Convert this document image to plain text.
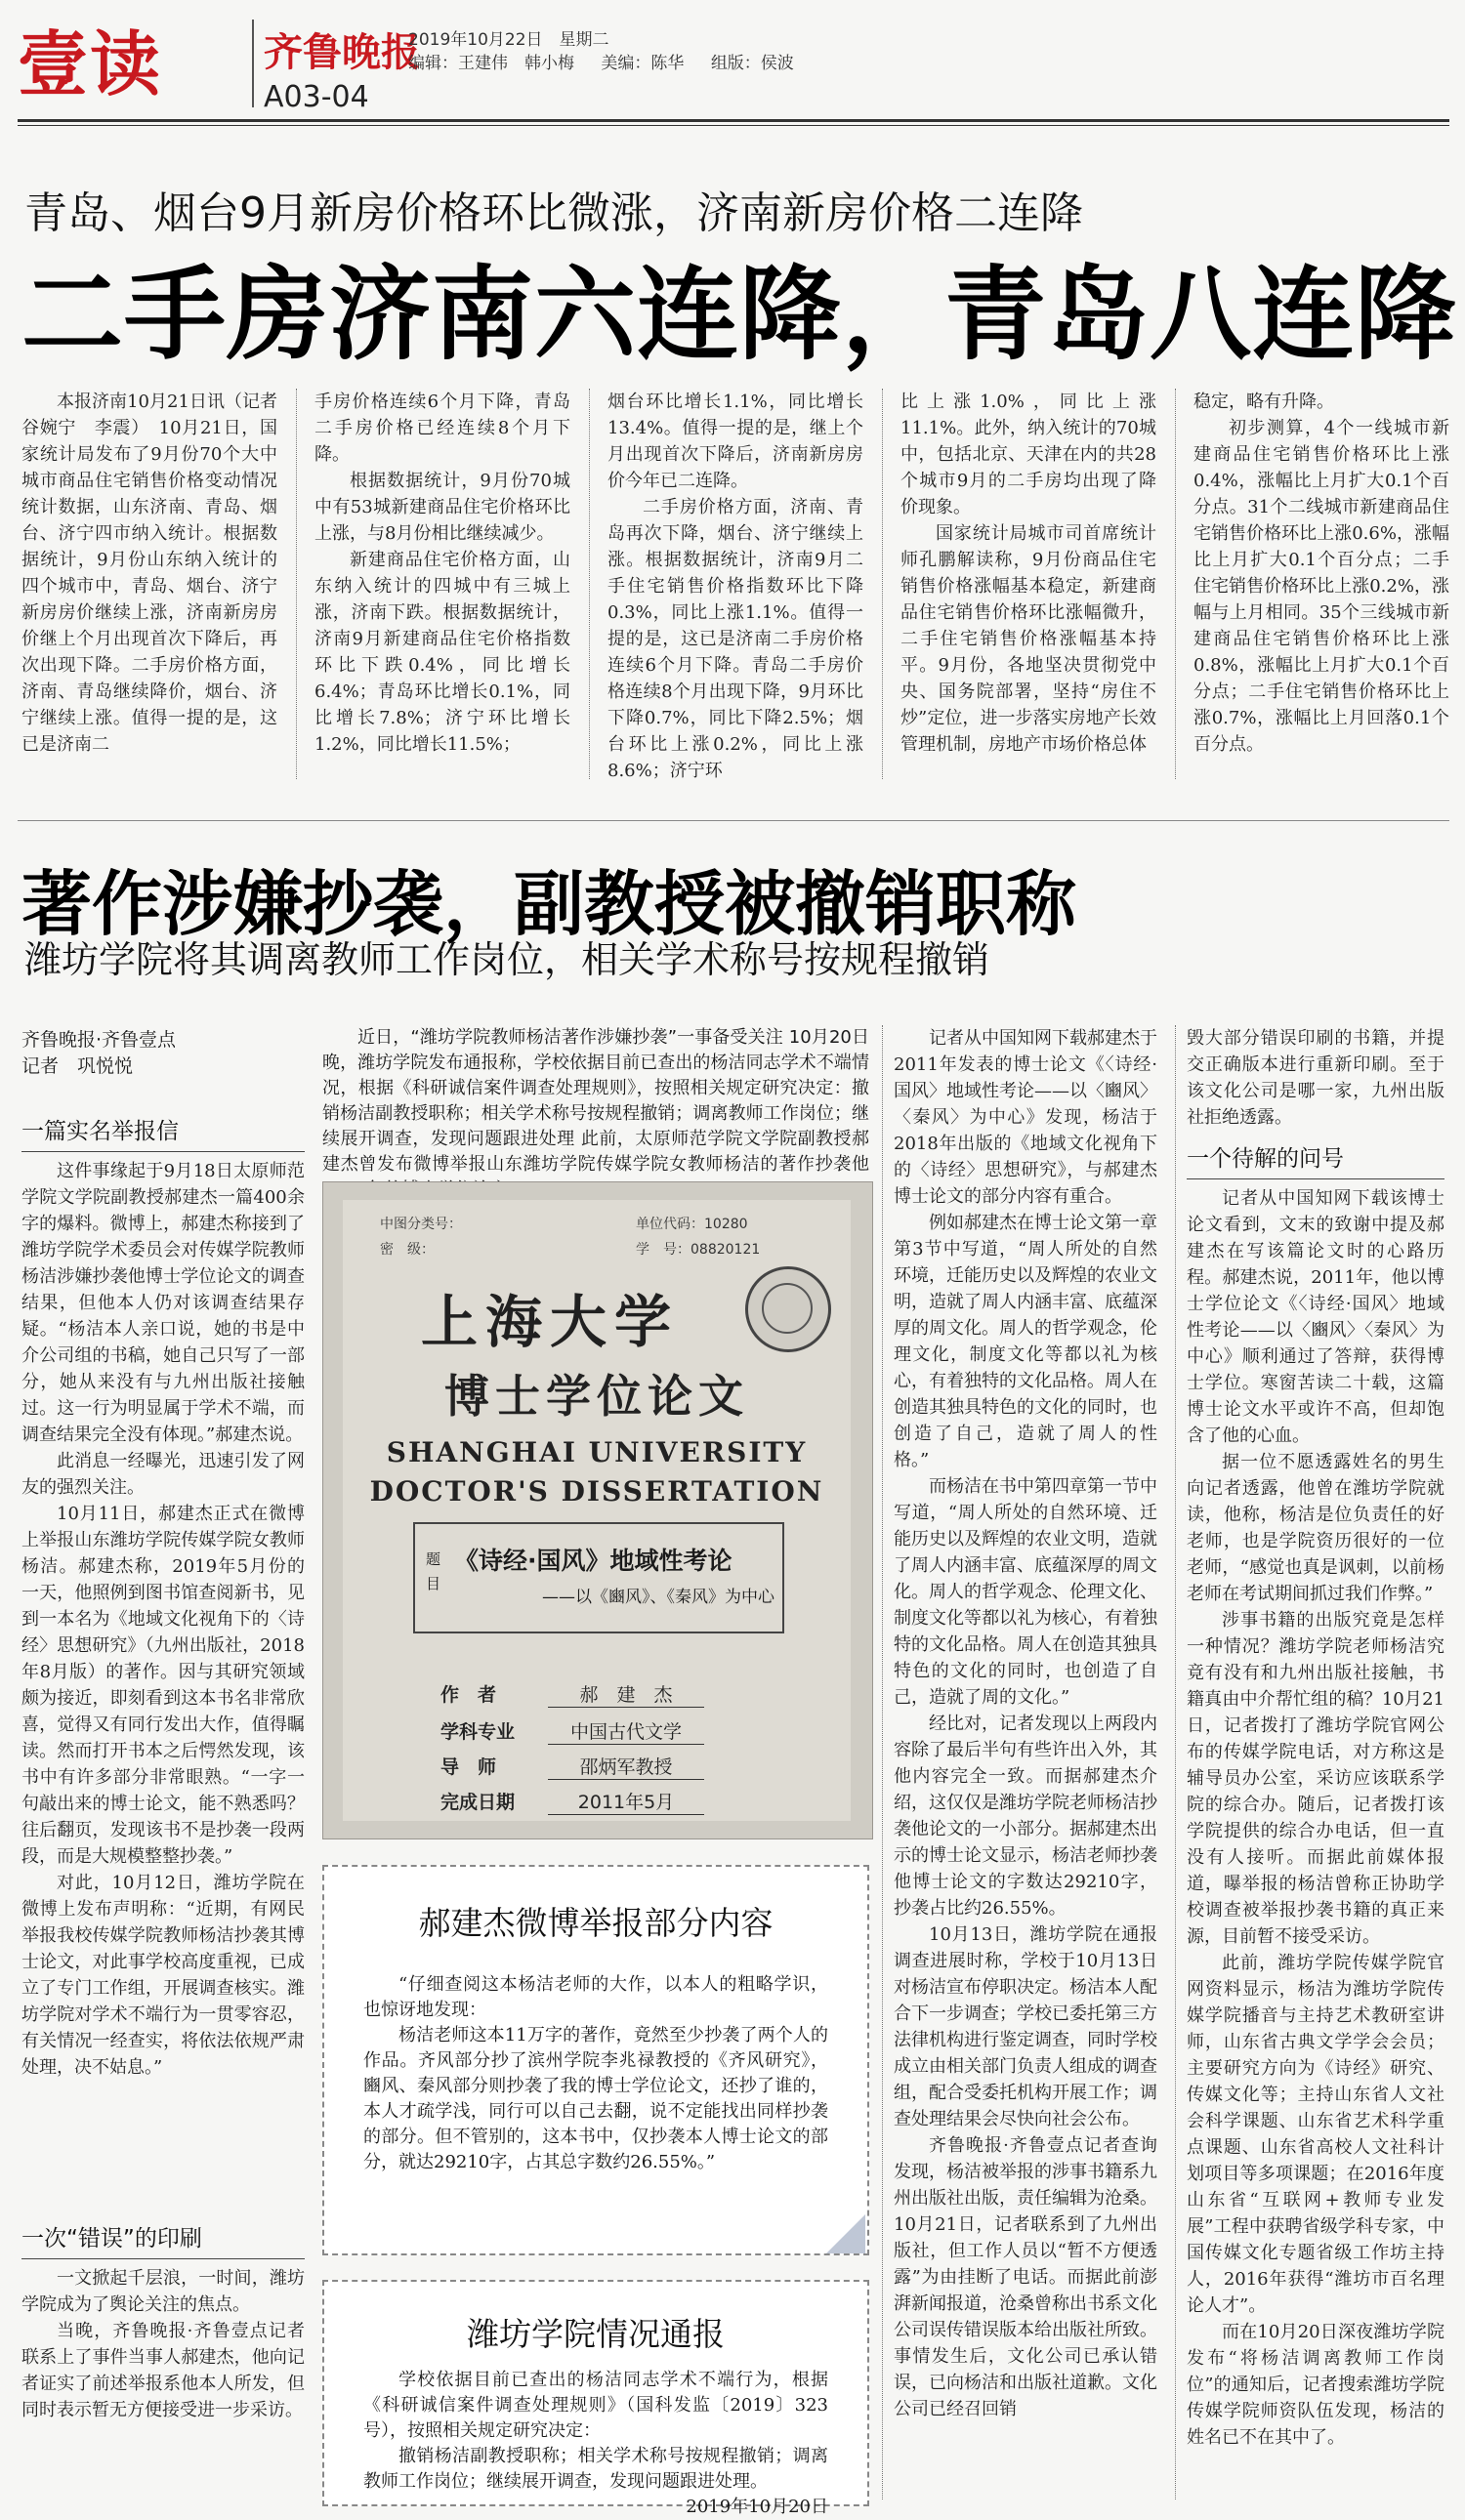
壹读	齐鲁晚报
A03-04
2019年10月22日　星期二
编辑：王建伟　韩小梅 美编：陈华 组版：侯波
青岛、烟台9月新房价格环比微涨，济南新房价格二连降
二手房济南六连降，青岛八连降

本报济南10月21日讯（记者　谷婉宁　李震）　10月21日，国家统计局发布了9月份70个大中城市商品住宅销售价格变动情况统计数据，山东济南、青岛、烟台、济宁四市纳入统计。根据数据统计，9月份山东纳入统计的四个城市中，青岛、烟台、济宁新房房价继续上涨，济南新房房价继上个月出现首次下降后，再次出现下降。二手房价格方面，济南、青岛继续降价，烟台、济宁继续上涨。值得一提的是，这已是济南二

手房价格连续6个月下降，青岛二手房价格已经连续8个月下降。

根据数据统计，9月份70城中有53城新建商品住宅价格环比上涨，与8月份相比继续减少。

新建商品住宅价格方面，山东纳入统计的四城中有三城上涨，济南下跌。根据数据统计，济南9月新建商品住宅价格指数环比下跌0.4%，同比增长6.4%；青岛环比增长0.1%，同比增长7.8%；济宁环比增长1.2%，同比增长11.5%；

烟台环比增长1.1%，同比增长13.4%。值得一提的是，继上个月出现首次下降后，济南新房房价今年已二连降。

二手房价格方面，济南、青岛再次下降，烟台、济宁继续上涨。根据数据统计，济南9月二手住宅销售价格指数环比下降0.3%，同比上涨1.1%。值得一提的是，这已是济南二手房价格连续6个月下降。青岛二手房价格连续8个月出现下降，9月环比下降0.7%，同比下降2.5%；烟台环比上涨0.2%，同比上涨8.6%；济宁环

比上涨1.0%，同比上涨11.1%。此外，纳入统计的70城中，包括北京、天津在内的共28个城市9月的二手房均出现了降价现象。

国家统计局城市司首席统计师孔鹏解读称，9月份商品住宅销售价格涨幅基本稳定，新建商品住宅销售价格环比涨幅微升，二手住宅销售价格涨幅基本持平。9月份，各地坚决贯彻党中央、国务院部署，坚持“房住不炒”定位，进一步落实房地产长效管理机制，房地产市场价格总体

稳定，略有升降。

初步测算，4个一线城市新建商品住宅销售价格环比上涨0.4%，涨幅比上月扩大0.1个百分点。31个二线城市新建商品住宅销售价格环比上涨0.6%，涨幅比上月扩大0.1个百分点；二手住宅销售价格环比上涨0.2%，涨幅与上月相同。35个三线城市新建商品住宅销售价格环比上涨0.8%，涨幅比上月扩大0.1个百分点；二手住宅销售价格环比上涨0.7%，涨幅比上月回落0.1个百分点。

著作涉嫌抄袭，副教授被撤销职称
潍坊学院将其调离教师工作岗位，相关学术称号按规程撤销
齐鲁晚报·齐鲁壹点
记者　巩悦悦
一篇实名举报信

这件事缘起于9月18日太原师范学院文学院副教授郝建杰一篇400余字的爆料。微博上，郝建杰称接到了潍坊学院学术委员会对传媒学院教师杨洁涉嫌抄袭他博士学位论文的调查结果，但他本人仍对该调查结果存疑。“杨洁本人亲口说，她的书是中介公司组的书稿，她自己只写了一部分，她从来没有与九州出版社接触过。这一行为明显属于学术不端，而调查结果完全没有体现。”郝建杰说。

此消息一经曝光，迅速引发了网友的强烈关注。

10月11日，郝建杰正式在微博上举报山东潍坊学院传媒学院女教师杨洁。郝建杰称，2019年5月份的一天，他照例到图书馆查阅新书，见到一本名为《地域文化视角下的〈诗经〉思想研究》（九州出版社，2018年8月版）的著作。因与其研究领域颇为接近，即刻看到这本书名非常欣喜，觉得又有同行发出大作，值得瞩读。然而打开书本之后愕然发现，该书中有许多部分非常眼熟。“一字一句敲出来的博士论文，能不熟悉吗？往后翻页，发现该书不是抄袭一段两段，而是大规模整整抄袭。”

对此，10月12日，潍坊学院在微博上发布声明称：“近期，有网民举报我校传媒学院教师杨洁抄袭其博士论文，对此事学校高度重视，已成立了专门工作组，开展调查核实。潍坊学院对学术不端行为一贯零容忍，有关情况一经查实，将依法依规严肃处理，决不姑息。”

一次“错误”的印刷

一文掀起千层浪，一时间，潍坊学院成为了舆论关注的焦点。

当晚，齐鲁晚报·齐鲁壹点记者联系上了事件当事人郝建杰，他向记者证实了前述举报系他本人所发，但同时表示暂无方便接受进一步采访。

近日，“潍坊学院教师杨洁著作涉嫌抄袭”一事备受关注 10月20日晚，潍坊学院发布通报称，学校依据目前已查出的杨洁同志学术不端情况，根据《科研诚信案件调查处理规则》，按照相关规定研究决定：撤销杨洁副教授职称；相关学术称号按规程撤销；调离教师工作岗位；继续展开调查，发现问题跟进处理 此前，太原师范学院文学院副教授郝建杰曾发布微博举报山东潍坊学院传媒学院女教师杨洁的著作抄袭他

中图分类号：
密　级：
单位代码：10280
学　号：08820121
上海大学
博士学位论文
SHANGHAI UNIVERSITY
DOCTOR'S DISSERTATION
题目 《诗经·国风》地域性考论
——以《豳风》、《秦风》为中心
作　者	郝　建　杰
学科专业	中国古代文学
导　师	邵炳军教授
完成日期	2011年5月
郝建杰微博举报部分内容

“仔细查阅这本杨洁老师的大作，以本人的粗略学识，也惊讶地发现：

杨洁老师这本11万字的著作，竟然至少抄袭了两个人的作品。齐风部分抄了滨州学院李兆禄教授的《齐风研究》，豳风、秦风部分则抄袭了我的博士学位论文，还抄了谁的，本人才疏学浅，同行可以自己去翻，说不定能找出同样抄袭的部分。但不管别的，这本书中，仅抄袭本人博士论文的部分，就达29210字，占其总字数约26.55%。”

潍坊学院情况通报

学校依据目前已查出的杨洁同志学术不端行为，根据《科研诚信案件调查处理规则》（国科发监〔2019〕323号），按照相关规定研究决定：

撤销杨洁副教授职称；相关学术称号按规程撤销；调离教师工作岗位；继续展开调查，发现问题跟进处理。

2019年10月20日

记者从中国知网下载郝建杰于2011年发表的博士论文《〈诗经·国风〉地域性考论——以〈豳风〉〈秦风〉为中心》发现，杨洁于2018年出版的《地域文化视角下的〈诗经〉思想研究》，与郝建杰博士论文的部分内容有重合。

例如郝建杰在博士论文第一章第3节中写道，“周人所处的自然环境，迁能历史以及辉煌的农业文明，造就了周人内涵丰富、底蕴深厚的周文化。周人的哲学观念，伦理文化，制度文化等都以礼为核心，有着独特的文化品格。周人在创造其独具特色的文化的同时，也创造了自己，造就了周人的性格。”

而杨洁在书中第四章第一节中写道，“周人所处的自然环境、迁能历史以及辉煌的农业文明，造就了周人内涵丰富、底蕴深厚的周文化。周人的哲学观念、伦理文化、制度文化等都以礼为核心，有着独特的文化品格。周人在创造其独具特色的文化的同时，也创造了自己，造就了周的文化。”

经比对，记者发现以上两段内容除了最后半句有些许出入外，其他内容完全一致。而据郝建杰介绍，这仅仅是潍坊学院老师杨洁抄袭他论文的一小部分。据郝建杰出示的博士论文显示，杨洁老师抄袭他博士论文的字数达29210字，抄袭占比约26.55%。

10月13日，潍坊学院在通报调查进展时称，学校于10月13日对杨洁宣布停职决定。杨洁本人配合下一步调查；学校已委托第三方法律机构进行鉴定调查，同时学校成立由相关部门负责人组成的调查组，配合受委托机构开展工作；调查处理结果会尽快向社会公布。

齐鲁晚报·齐鲁壹点记者查询发现，杨洁被举报的涉事书籍系九州出版社出版，责任编辑为沧桑。10月21日，记者联系到了九州出版社，但工作人员以“暂不方便透露”为由挂断了电话。而据此前澎湃新闻报道，沧桑曾称出书系文化公司误传错误版本给出版社所致。事情发生后，文化公司已承认错误，已向杨洁和出版社道歉。文化公司已经召回销

毁大部分错误印刷的书籍，并提交正确版本进行重新印刷。至于该文化公司是哪一家，九州出版社拒绝透露。

一个待解的问号

记者从中国知网下载该博士论文看到，文末的致谢中提及郝建杰在写该篇论文时的心路历程。郝建杰说，2011年，他以博士学位论文《〈诗经·国风〉地域性考论——以〈豳风〉〈秦风〉为中心》顺利通过了答辩，获得博士学位。寒窗苦读二十载，这篇博士论文水平或许不高，但却饱含了他的心血。

据一位不愿透露姓名的男生向记者透露，他曾在潍坊学院就读，他称，杨洁是位负责任的好老师，也是学院资历很好的一位老师，“感觉也真是讽刺，以前杨老师在考试期间抓过我们作弊。”

涉事书籍的出版究竟是怎样一种情况？潍坊学院老师杨洁究竟有没有和九州出版社接触，书籍真由中介帮忙组的稿？10月21日，记者拨打了潍坊学院官网公布的传媒学院电话，对方称这是辅导员办公室，采访应该联系学院的综合办。随后，记者拨打该学院提供的综合办电话，但一直没有人接听。而据此前媒体报道，曝举报的杨洁曾称正协助学校调查被举报抄袭书籍的真正来源，目前暂不接受采访。

此前，潍坊学院传媒学院官网资料显示，杨洁为潍坊学院传媒学院播音与主持艺术教研室讲师，山东省古典文学学会会员；主要研究方向为《诗经》研究、传媒文化等；主持山东省人文社会科学课题、山东省艺术科学重点课题、山东省高校人文社科计划项目等多项课题；在2016年度山东省“互联网+教师专业发展”工程中获聘省级学科专家，中国传媒文化专题省级工作坊主持人，2016年获得“潍坊市百名理论人才”。

而在10月20日深夜潍坊学院发布“将杨洁调离教师工作岗位”的通知后，记者搜索潍坊学院传媒学院师资队伍发现，杨洁的姓名已不在其中了。
